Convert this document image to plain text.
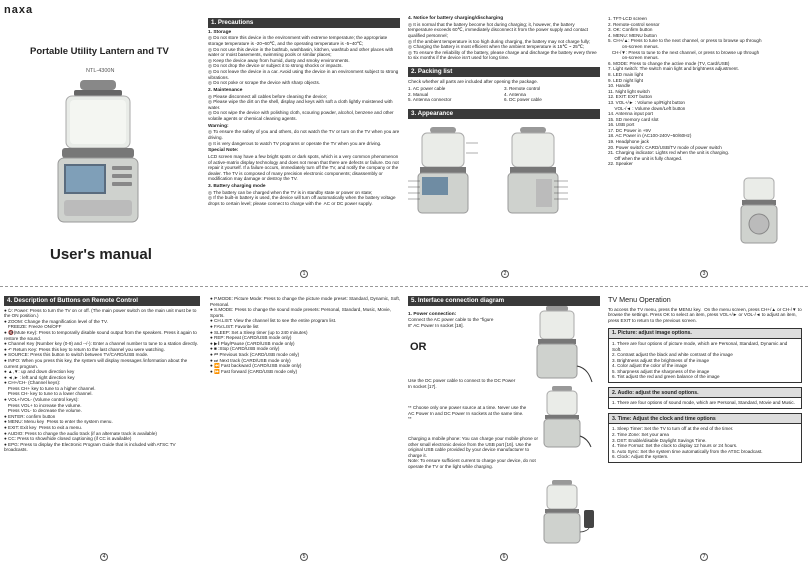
naxa
Portable Utility Lantern and TV
NTL-4300N
User's manual
1. Precautions
1. Storage
◎ Do not store this device in the environment with extreme temperature; the appropriate storage temperature is -20~60℃, and the operating temperature is -5~40℃;
◎ Do not use this device in the bathtub, washbasin, kitchen, washtub and other places with water or moist basements, swimming pools or similar places;
◎ Keep the device away from humid, dusty and smoky environments.
◎ Do not drop the device or subject it to strong shocks or impacts.
◎ Do not leave the device in a car. Avoid using the device in an environment subject to strong vibrations.
◎ Do not poke or scrape the device with sharp objects.
2. Maintenance
◎ Please disconnect all cables before cleaning the device;
◎ Please wipe the dirt on the shell, display and keys with soft a cloth lightly moistened with water.
◎ Do not wipe the device with polishing cloth, scouring powder, alcohol, benzene and other volatile agents or chemical cleaning agents.
Warning:
◎ To ensure the safety of you and others, do not watch the TV or turn on the TV when you are driving.
◎ It is very dangerous to watch TV programs or operate the TV when you are driving.
Special Note:
LCD screen may have a few bright spots or dark spots, which is a very common phenomenon of active-matrix display technology and does not mean that there are defects or failure. Do not repair it yourself. If a failure occurs, immediately turn off the TV, and notify the company or the dealer. The TV is composed of many precision electronic components; disassembly or modification may damage or destroy the TV.
3. Battery charging mode
◎ The battery can be charged when the TV is in standby state or power on state;
◎ If the built-in battery is used, the device will turn off automatically when the battery voltage drops to certain level; please connect to charge with the  AC or DC power supply.
1
4. Notice for battery charging/discharging
◎ It is normal that the battery become hot during charging; it, however, the battery temperature exceeds 60℃, immediately disconnect it from the power supply and contact qualified personnel;
◎ If the ambient temperature is too high during charging, the battery may not charge fully;
◎ Charging the battery is most efficient when the ambient temperature is 15℃ ~ 25℃;
◎ To ensure the reliability of the battery, please charge and discharge the battery every three to six months if the device isn't used for long time.
2. Packing list
Check whether all parts are included after opening the package.
1. AC power cable	3. Remote control
2. Manual	4. Antenna
5. Antenna connector	6. DC power cable
3. Appearance
2
1. TFT-LCD screen
2. Remote-control sensor
3. OK: Confirm button
4. MENU: MENU button
5. CH+/▲: Press to tune to the next channel, or press to browse up through
on-screen menus.
CH-/▼: Press to tune to the next channel, or press to browse up through
on-screen menus.
6. MODE: Press to change the active mode (TV, Card/USB)
7. Light switch: The switch main light and brightness adjustment.
8. LED main light
9. LED night light
10. Handle
11. Night light switch
12. EXIT: EXIT button
13. VOL+/► : Volume up/Right button
VOL-/◄ : Volume down/Left button
14. Antenna input port
15. SD memory card slot
16. USB port
17. DC Power in +9V
18. AC Power in (AC100-240V~50/60Hz)
19. Headphone jack
20. Power switch: CARD/USB/TV mode of power switch
21. Charging indicator: Lights red when the unit is charging.
Off when the unit is fully charged.
22. Speaker
3
4. Description of Buttons on Remote Control
● ⏻: Power: Press to turn the TV on or off. (The main power switch on the main unit must be to the ON position.)
● ZOOM: Change the magnification level of the TV.
FREEZE: Freeze ON/OFF
● 🔇(Mute Key): Press to temporarily disable sound output from the speakers. Press it again to restore the sound.
● Channel Key (Number key (0-9) and --/-): Enter a channel number to tune to a station directly.
● ↶ Return Key: Press this key to return to the last channel you were watching.
● SOURCE: Press this button to switch between TV/CARD/USB mode.
● INFO: When you press this key, the system will display messages /information about the current program.
● ▲,▼: up and down direction key
● ◄,► : left and right direction key
● CH+/CH- (Channel keys):
Press CH+ key to tune to a higher channel.
Press CH- key to tune to a lower channel.
● VOL+/VOL- (Volume control keys):
Press VOL+ to increase the volume.
Press VOL- to decrease the volume.
● ENTER: confirm button
● MENU: Menu key  Press to enter the system menu.
● EXIT: Exit key  Press to exit a menu.
● AUDIO: Press to change the audio track (if an alternate track is available)
● CC: Press to show/hide closed captioning (if CC is available)
● EPG: Press to display the Electronic Program Guide that is included with ATSC TV broadcasts.
4
● P.MODE: Picture Mode: Press to change the picture mode preset: Standard, Dynamic, Soft, Personal.
● S.MODE: Press to change the sound mode presets: Personal, Standard, Music, Movie, Sports.
● CH.LIST: View the channel list to see the entire program list.
● FAV.LIST: Favorite list
● SLEEP: Set a Sleep timer (up to 240 minutes)
● REP: Repeat (CARD/USB mode only)
● ▶‖ Play/Pause (CARD/USB mode only)
● ■ :Stop (CARD/USB mode only)
● ⏮ Previous track (CARD/USB mode only)
● ⏭ Next track (CARD/USB mode only)
● ⏪ Fast backward (CARD/USB mode only)
● ⏩ Fast forward (CARD/USB mode only)
5
5. Interface connection diagram
1. Power connection:
Connect the AC power cable to the "figure 8" AC Power In socket [18].
OR
Use the DC power cable to connect to the DC Power In socket [17].
** Choose only one power source at a time. Never use the AC Power In and DC Power In sockets at the same time. **
Charging a mobile phone: You can charge your mobile phone or other small electronic device from the USB port [16]. Use the original USB cable provided by your device manufacturer to charge it.
Note: To ensure sufficient current to charge your device, do not operate the TV or the light while charging.
6
TV Menu Operation
To access the TV menu, press the MENU key.  On the menu screen, press CH+/▲ or CH-/▼ to browse the settings. Press OK to select an item, press VOL+/► or VOL-/◄ to adjust an item, press EXIT to return to the previous screen.
1. Picture: adjust image options.
1. There are four options of picture mode, which are Personal, Standard, Dynamic and Soft.
2. Contrast adjust the black and white contrast of the image
3. Brightness adjust the brightness of the image
4. Color adjust the color of the image
5. Sharpness adjust the sharpness of the image
6. Tint adjust the red and green balance of the image
2. Audio: adjust the sound options.
1. There are four options of sound mode, which are Personal, Standard, Movie and Music.
3. Time: Adjust the clock and time options
1. Sleep Timer: Set the TV to turn off at the end of the timer.
2. Time Zone: Set your area
3. DST: Enable/disable Daylight Savings Time.
4. Time Format: Set the clock to display 12 hours or 24 hours.
5. Auto Sync: Set the system time automatically from the ATSC broadcast.
6. Clock: Adjust the system.
7
